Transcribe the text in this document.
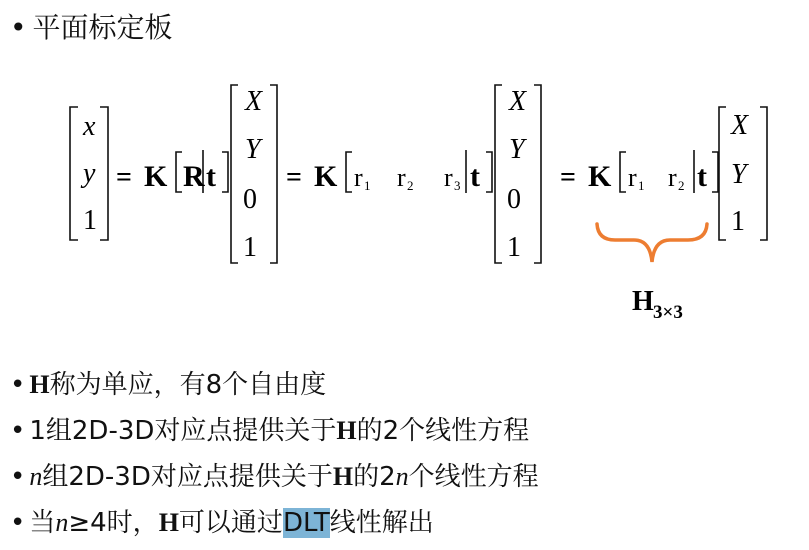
• 平面标定板
x
y
1
= K R t
X
Y
0
1
= K r 1 r 2 r 3 t
X
Y
0
1
= K r 1 r 2 t
X
Y
1
H 3×3
• H称为单应，有8个自由度
• 1组2D-3D对应点提供关于H的2个线性方程
• n组2D-3D对应点提供关于H的2n个线性方程
• 当n≥4时，H可以通过DLT线性解出
